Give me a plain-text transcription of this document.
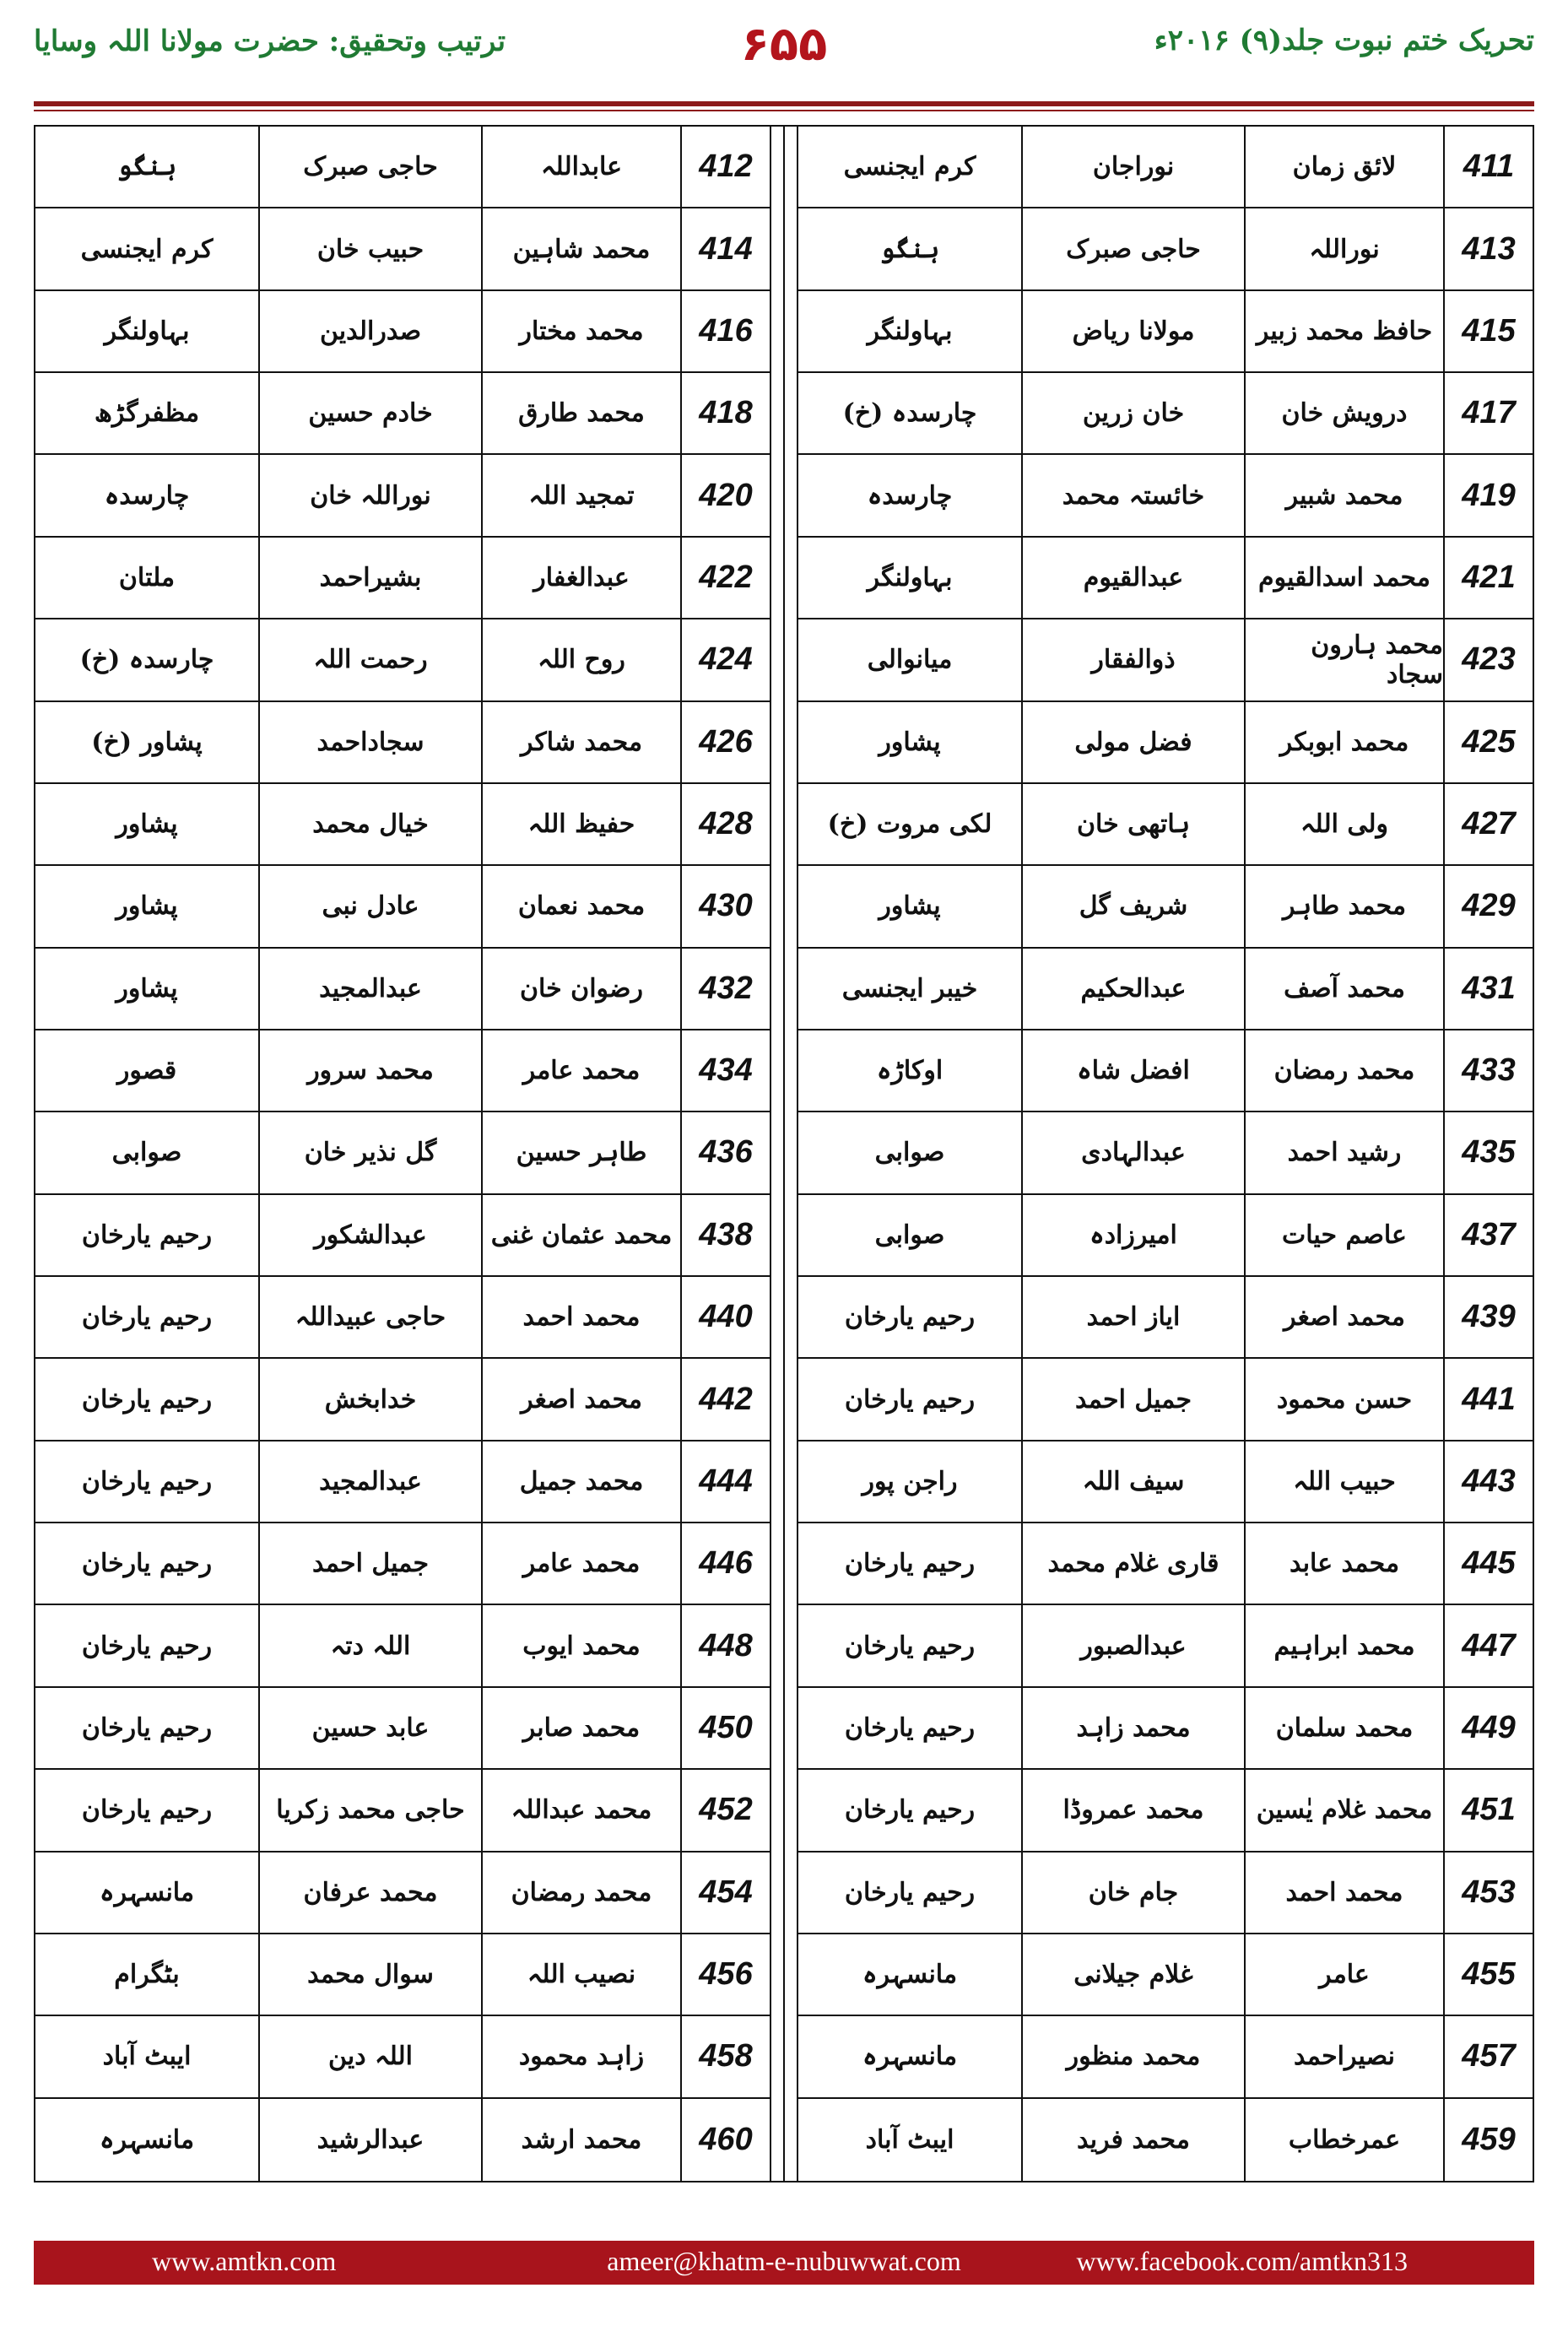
تحریک ختم نبوت جلد(۹) ۲۰۱۶ء
۶۵۵
ترتیب وتحقیق: حضرت مولانا اللہ وسایا
411
لائق زمان
نوراجان
کرم ایجنسی
413
نوراللہ
حاجی صبرک
ہنگو
415
حافظ محمد زبیر
مولانا ریاض
بہاولنگر
417
درویش خان
خان زرین
چارسدہ (خ)
419
محمد شبیر
خائستہ محمد
چارسدہ
421
محمد اسدالقیوم
عبدالقیوم
بہاولنگر
423
محمد ہارون سجاد
ذوالفقار
میانوالی
425
محمد ابوبکر
فضل مولی
پشاور
427
ولی اللہ
ہاتھی خان
لکی مروت (خ)
429
محمد طاہر
شریف گل
پشاور
431
محمد آصف
عبدالحکیم
خیبر ایجنسی
433
محمد رمضان
افضل شاہ
اوکاڑہ
435
رشید احمد
عبدالہادی
صوابی
437
عاصم حیات
امیرزادہ
صوابی
439
محمد اصغر
ایاز احمد
رحیم یارخان
441
حسن محمود
جمیل احمد
رحیم یارخان
443
حبیب اللہ
سیف اللہ
راجن پور
445
محمد عابد
قاری غلام محمد
رحیم یارخان
447
محمد ابراہیم
عبدالصبور
رحیم یارخان
449
محمد سلمان
محمد زاہد
رحیم یارخان
451
محمد غلام یٰسین
محمد عمروڈا
رحیم یارخان
453
محمد احمد
جام خان
رحیم یارخان
455
عامر
غلام جیلانی
مانسہرہ
457
نصیراحمد
محمد منظور
مانسہرہ
459
عمرخطاب
محمد فرید
ایبٹ آباد
412
عابداللہ
حاجی صبرک
ہنگو
414
محمد شاہین
حبیب خان
کرم ایجنسی
416
محمد مختار
صدرالدین
بہاولنگر
418
محمد طارق
خادم حسین
مظفرگڑھ
420
تمجید اللہ
نوراللہ خان
چارسدہ
422
عبدالغفار
بشیراحمد
ملتان
424
روح اللہ
رحمت اللہ
چارسدہ (خ)
426
محمد شاکر
سجاداحمد
پشاور (خ)
428
حفیظ اللہ
خیال محمد
پشاور
430
محمد نعمان
عادل نبی
پشاور
432
رضوان خان
عبدالمجید
پشاور
434
محمد عامر
محمد سرور
قصور
436
طاہر حسین
گل نذیر خان
صوابی
438
محمد عثمان غنی
عبدالشکور
رحیم یارخان
440
محمد احمد
حاجی عبیداللہ
رحیم یارخان
442
محمد اصغر
خدابخش
رحیم یارخان
444
محمد جمیل
عبدالمجید
رحیم یارخان
446
محمد عامر
جمیل احمد
رحیم یارخان
448
محمد ایوب
اللہ دتہ
رحیم یارخان
450
محمد صابر
عابد حسین
رحیم یارخان
452
محمد عبداللہ
حاجی محمد زکریا
رحیم یارخان
454
محمد رمضان
محمد عرفان
مانسہرہ
456
نصیب اللہ
سوال محمد
بٹگرام
458
زاہد محمود
اللہ دین
ایبٹ آباد
460
محمد ارشد
عبدالرشید
مانسہرہ
www.amtkn.com	ameer@khatm-e-nubuwwat.com	www.facebook.com/amtkn313
